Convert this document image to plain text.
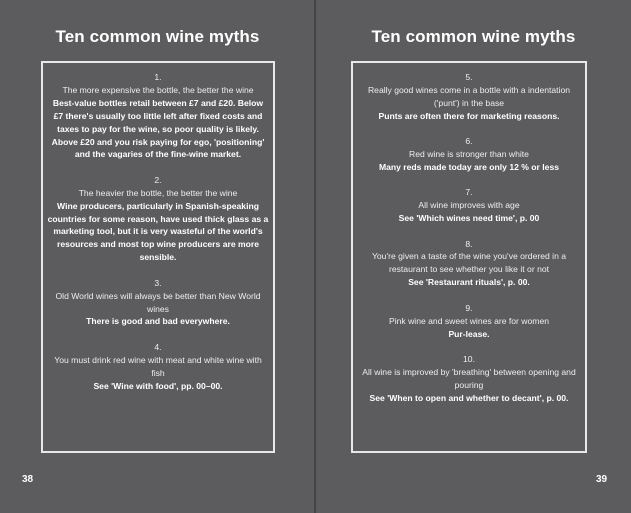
Ten common wine myths
1.
The more expensive the bottle, the better the wine
Best-value bottles retail between £7 and £20. Below £7 there's usually too little left after fixed costs and taxes to pay for the wine, so poor quality is likely. Above £20 and you risk paying for ego, 'positioning' and the vagaries of the fine-wine market.
2.
The heavier the bottle, the better the wine
Wine producers, particularly in Spanish-speaking countries for some reason, have used thick glass as a marketing tool, but it is very wasteful of the world's resources and most top wine producers are more sensible.
3.
Old World wines will always be better than New World wines
There is good and bad everywhere.
4.
You must drink red wine with meat and white wine with fish
See 'Wine with food', pp. 00–00.
38
Ten common wine myths
5.
Really good wines come in a bottle with a indentation ('punt') in the base
Punts are often there for marketing reasons.
6.
Red wine is stronger than white
Many reds made today are only 12 % or less
7.
All wine improves with age
See 'Which wines need time', p. 00
8.
You're given a taste of the wine you've ordered in a restaurant to see whether you like it or not
See 'Restaurant rituals', p. 00.
9.
Pink wine and sweet wines are for women
Pur-lease.
10.
All wine is improved by 'breathing' between opening and pouring
See 'When to open and whether to decant', p. 00.
39
